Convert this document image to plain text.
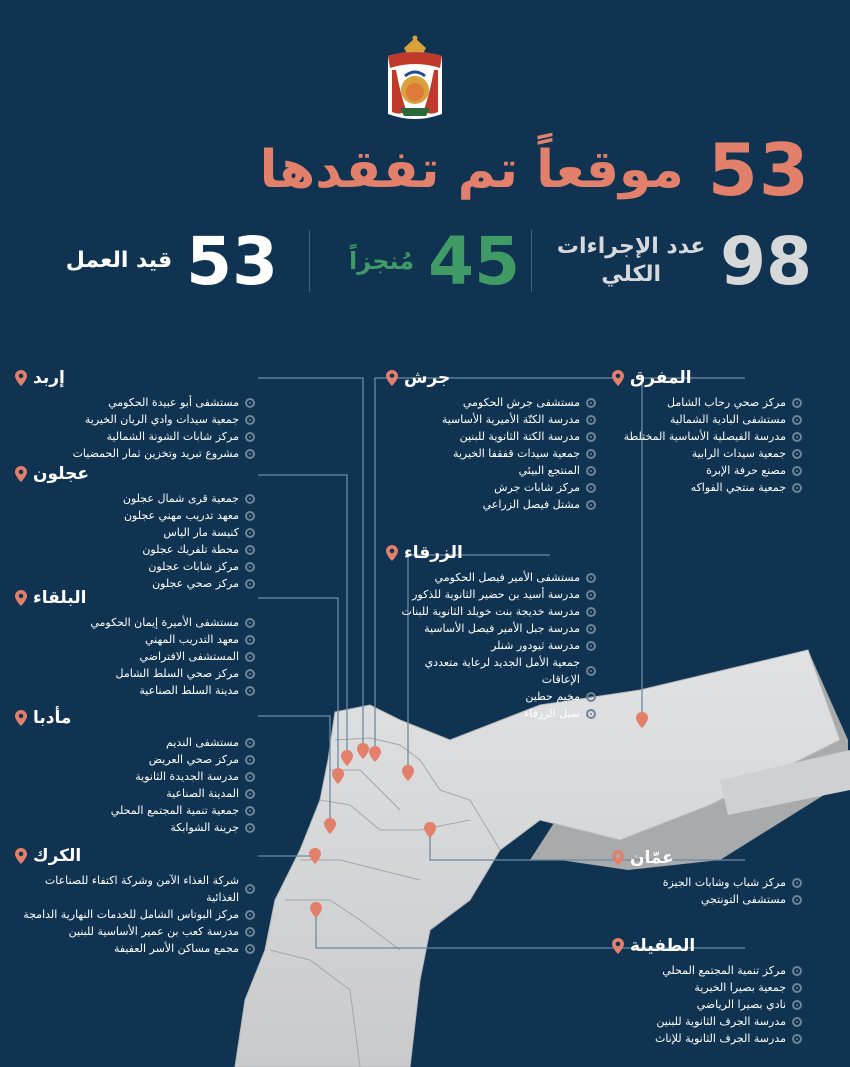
53
موقعاً تم تفقدها
98
عدد الإجراءات
الكلي
45
مُنجزاً
53
قيد العمل
المفرق
مركز صحي رحاب الشامل
مستشفى البادية الشمالية
مدرسة الفيصلية الأساسية المختلطة
جمعية سيدات الرابية
مصنع حرفة الإبرة
جمعية منتجي الفواكه
جرش
مستشفى جرش الحكومي
مدرسة الكتّة الأميرية الأساسية
مدرسة الكتة الثانوية للبنين
جمعية سيدات قفقفا الخيرية
المنتجع البيئي
مركز شابات جرش
مشتل فيصل الزراعي
إربد
مستشفى أبو عبيدة الحكومي
جمعية سيدات وادي الريان الخيرية
مركز شابات الشونة الشمالية
مشروع تبريد وتخزين ثمار الحمضيات
عجلون
جمعية قرى شمال عجلون
معهد تدريب مهني عجلون
كنيسة مار الياس
محطة تلفريك عجلون
مركز شابات عجلون
مركز صحي عجلون
البلقاء
مستشفى الأميرة إيمان الحكومي
معهد التدريب المهني
المستشفى الافتراضي
مركز صحي السلط الشامل
مدينة السلط الصناعية
مأدبا
مستشفى النديم
مركز صحي العريض
مدرسة الجديدة الثانوية
المدينة الصناعية
جمعية تنمية المجتمع المحلي
جرينة الشوابكة
الكرك
شركة الغذاء الآمن وشركة اكتفاء للصناعات الغذائية
مركز البوتاس الشامل للخدمات النهارية الدامجة
مدرسة كعب بن عمير الأساسية للبنين
مجمع مساكن الأسر العفيفة
الزرقاء
مستشفى الأمير فيصل الحكومي
مدرسة أسيد بن حضير الثانوية للذكور
مدرسة خديجة بنت خويلد الثانوية للبنات
مدرسة جبل الأمير فيصل الأساسية
مدرسة ثيودور شنلر
جمعية الأمل الجديد لرعاية متعددي الإعاقات
مخيم حطين
سيل الزرقاء
عمّان
مركز شباب وشابات الجيزة
مستشفى التونتجي
الطفيلة
مركز تنمية المجتمع المحلي
جمعية بصيرا الخيرية
نادي بصيرا الرياضي
مدرسة الجرف الثانوية للبنين
مدرسة الجرف الثانوية للإناث
